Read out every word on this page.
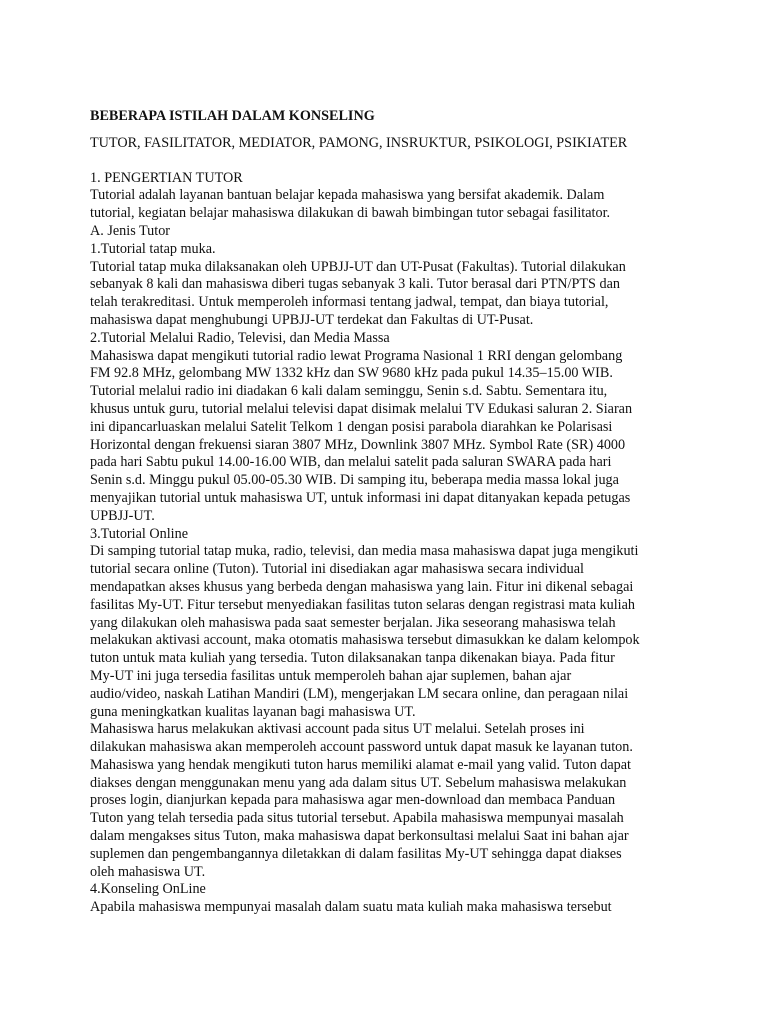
BEBERAPA ISTILAH DALAM KONSELING
TUTOR, FASILITATOR, MEDIATOR, PAMONG, INSRUKTUR, PSIKOLOGI, PSIKIATER
1. PENGERTIAN TUTOR
Tutorial adalah layanan bantuan belajar kepada mahasiswa yang bersifat akademik. Dalam
tutorial, kegiatan belajar mahasiswa dilakukan di bawah bimbingan tutor sebagai fasilitator.
A. Jenis Tutor
1.Tutorial tatap muka.
Tutorial tatap muka dilaksanakan oleh UPBJJ-UT dan UT-Pusat (Fakultas). Tutorial dilakukan
sebanyak 8 kali dan mahasiswa diberi tugas sebanyak 3 kali. Tutor berasal dari PTN/PTS dan
telah terakreditasi. Untuk memperoleh informasi tentang jadwal, tempat, dan biaya tutorial,
mahasiswa dapat menghubungi UPBJJ-UT terdekat dan Fakultas di UT-Pusat.
2.Tutorial Melalui Radio, Televisi, dan Media Massa
Mahasiswa dapat mengikuti tutorial radio lewat Programa Nasional 1 RRI dengan gelombang
FM 92.8 MHz, gelombang MW 1332 kHz dan SW 9680 kHz pada pukul 14.35–15.00 WIB.
Tutorial melalui radio ini diadakan 6 kali dalam seminggu, Senin s.d. Sabtu. Sementara itu,
khusus untuk guru, tutorial melalui televisi dapat disimak melalui TV Edukasi saluran 2. Siaran
ini dipancarluaskan melalui Satelit Telkom 1 dengan posisi parabola diarahkan ke Polarisasi
Horizontal dengan frekuensi siaran 3807 MHz, Downlink 3807 MHz. Symbol Rate (SR) 4000
pada hari Sabtu pukul 14.00-16.00 WIB, dan melalui satelit pada saluran SWARA pada hari
Senin s.d. Minggu pukul 05.00-05.30 WIB. Di samping itu, beberapa media massa lokal juga
menyajikan tutorial untuk mahasiswa UT, untuk informasi ini dapat ditanyakan kepada petugas
UPBJJ-UT.
3.Tutorial Online
Di samping tutorial tatap muka, radio, televisi, dan media masa mahasiswa dapat juga mengikuti
tutorial secara online (Tuton). Tutorial ini disediakan agar mahasiswa secara individual
mendapatkan akses khusus yang berbeda dengan mahasiswa yang lain. Fitur ini dikenal sebagai
fasilitas My-UT. Fitur tersebut menyediakan fasilitas tuton selaras dengan registrasi mata kuliah
yang dilakukan oleh mahasiswa pada saat semester berjalan. Jika seseorang mahasiswa telah
melakukan aktivasi account, maka otomatis mahasiswa tersebut dimasukkan ke dalam kelompok
tuton untuk mata kuliah yang tersedia. Tuton dilaksanakan tanpa dikenakan biaya. Pada fitur
My-UT ini juga tersedia fasilitas untuk memperoleh bahan ajar suplemen, bahan ajar
audio/video, naskah Latihan Mandiri (LM), mengerjakan LM secara online, dan peragaan nilai
guna meningkatkan kualitas layanan bagi mahasiswa UT.
Mahasiswa harus melakukan aktivasi account pada situs UT melalui. Setelah proses ini
dilakukan mahasiswa akan memperoleh account password untuk dapat masuk ke layanan tuton.
Mahasiswa yang hendak mengikuti tuton harus memiliki alamat e-mail yang valid. Tuton dapat
diakses dengan menggunakan menu yang ada dalam situs UT. Sebelum mahasiswa melakukan
proses login, dianjurkan kepada para mahasiswa agar men-download dan membaca Panduan
Tuton yang telah tersedia pada situs tutorial tersebut. Apabila mahasiswa mempunyai masalah
dalam mengakses situs Tuton, maka mahasiswa dapat berkonsultasi melalui Saat ini bahan ajar
suplemen dan pengembangannya diletakkan di dalam fasilitas My-UT sehingga dapat diakses
oleh mahasiswa UT.
4.Konseling OnLine
Apabila mahasiswa mempunyai masalah dalam suatu mata kuliah maka mahasiswa tersebut
